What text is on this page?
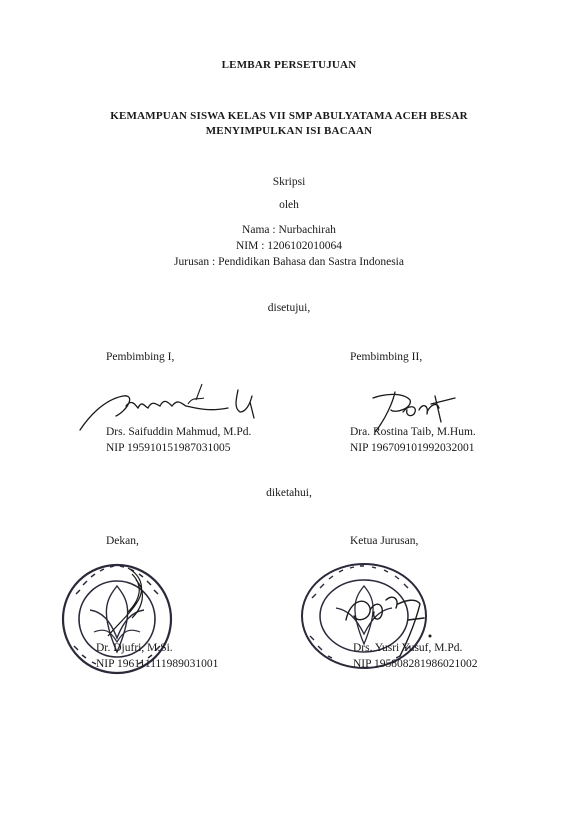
LEMBAR PERSETUJUAN
KEMAMPUAN SISWA KELAS VII SMP ABULYATAMA ACEH BESAR
MENYIMPULKAN ISI BACAAN
Skripsi
oleh
Nama : Nurbachirah
NIM : 1206102010064
Jurusan : Pendidikan Bahasa dan Sastra Indonesia
disetujui,
Pembimbing I,
Drs. Saifuddin Mahmud, M.Pd.
NIP 195910151987031005
Pembimbing II,
Dra. Rostina Taib, M.Hum.
NIP 196709101992032001
diketahui,
Dekan,
Dr. Djufri, M.Si.
NIP 196111111989031001
Ketua Jurusan,
Drs. Yusri Yusuf, M.Pd.
NIP 195808281986021002
